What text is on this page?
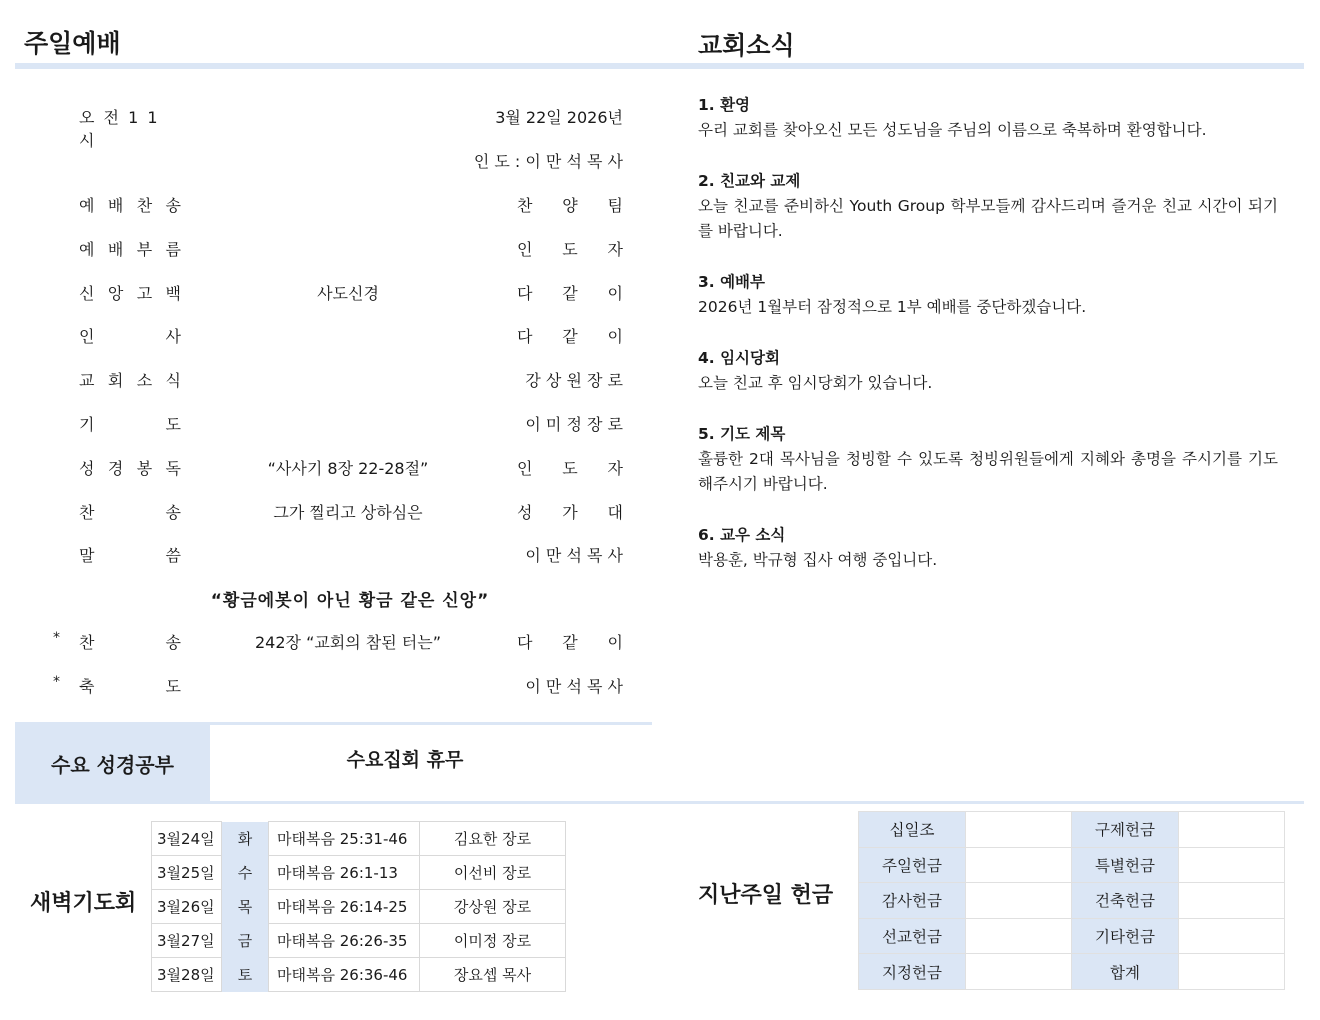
주일예배	교회소식
오 전 1 1 시
3월 22일 2026년
인 도 : 이 만 석 목 사
예 배 찬 송	찬 양 팀
예 배 부 름	인 도 자
신 앙 고 백	사도신경	다 같 이
인	사	다 같 이
교 회 소 식	강 상 원 장 로
기	도	이 미 정 장 로
성 경 봉 독	“사사기 8장 22-28절”	인 도 자
찬	송	그가 찔리고 상하심은	성 가 대
말	씀	이 만 석 목 사
“황금에봇이 아닌 황금 같은 신앙”
* 찬	송	242장 “교회의 참된 터는”	다 같 이
* 축	도	이 만 석 목 사
1. 환영
우리 교회를 찾아오신 모든 성도님을 주님의 이름으로 축복하며 환영합니다.
2. 친교와 교제
오늘 친교를 준비하신 Youth Group 학부모들께 감사드리며 즐거운 친교 시간이 되기를 바랍니다.
3. 예배부
2026년 1월부터 잠정적으로 1부 예배를 중단하겠습니다.
4. 임시당회
오늘 친교 후 임시당회가 있습니다.
5. 기도 제목
훌륭한 2대 목사님을 청빙할 수 있도록 청빙위원들에게 지혜와 총명을 주시기를 기도해주시기 바랍니다.
6. 교우 소식
박용훈, 박규형 집사 여행 중입니다.
수요 성경공부	수요집회 휴무
새벽기도회
3월24일	화	마태복음 25:31-46	김요한 장로
3월25일	수	마태복음 26:1-13	이선비 장로
3월26일	목	마태복음 26:14-25	강상원 장로
3월27일	금	마태복음 26:26-35	이미정 장로
3월28일	토	마태복음 26:36-46	장요셉 목사
지난주일 헌금
십일조		구제헌금	
주일헌금		특별헌금	
감사헌금		건축헌금	
선교헌금		기타헌금	
지정헌금		합계	
